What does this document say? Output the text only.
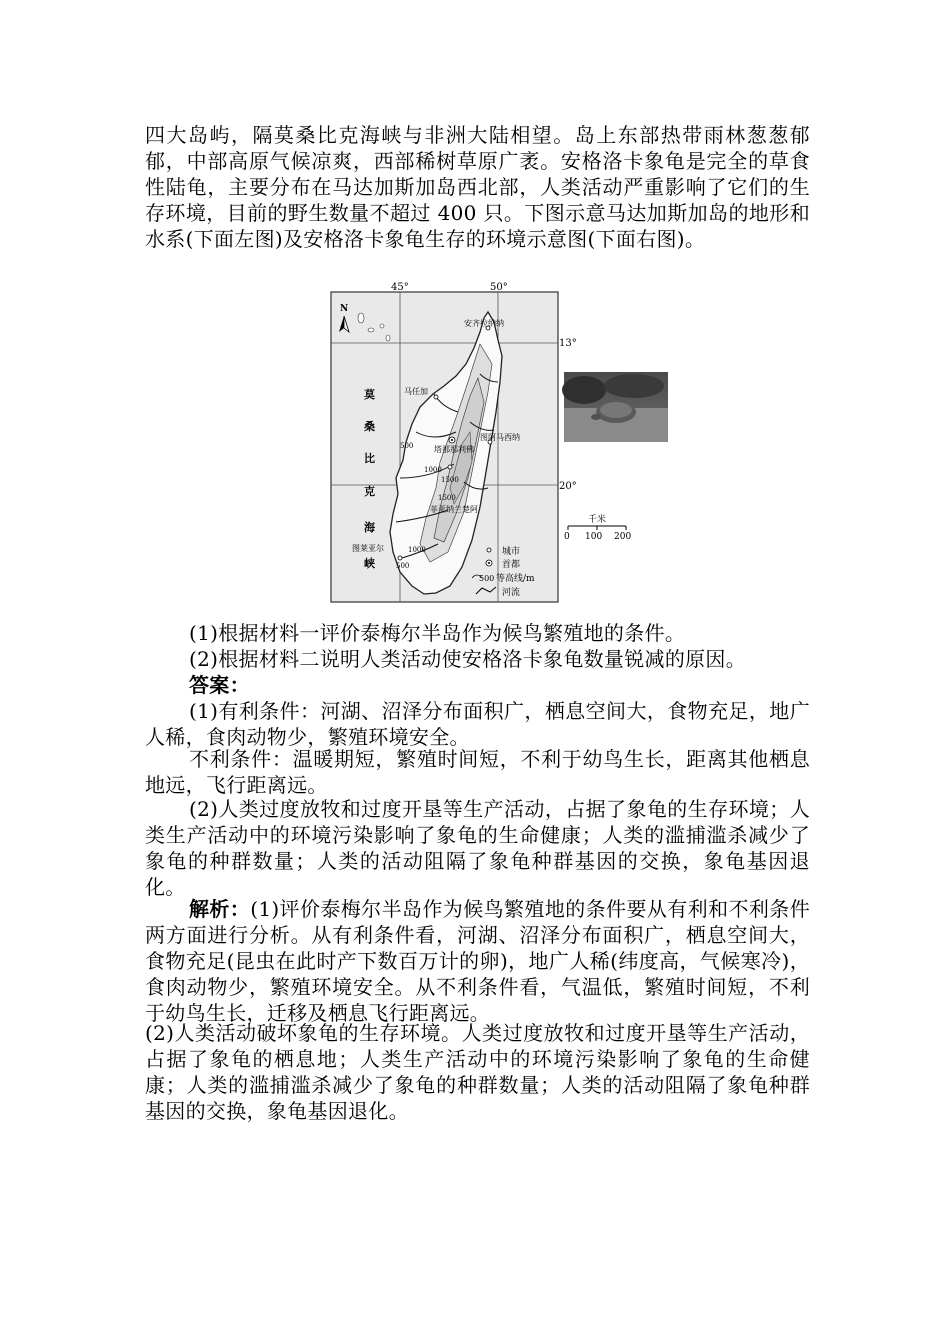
四大岛屿，隔莫桑比克海峡与非洲大陆相望。岛上东部热带雨林葱葱郁郁，中部高原气候凉爽，西部稀树草原广袤。安格洛卡象龟是完全的草食性陆龟，主要分布在马达加斯加岛西北部，人类活动严重影响了它们的生存环境，目前的野生数量不超过 400 只。下图示意马达加斯加岛的地形和水系(下面左图)及安格洛卡象龟生存的环境示意图(下面右图)。

45°	50°
13°
20°
N
安齐拉纳纳
马任加
图阿马西纳
塔那那利佛
菲亚纳兰楚阿
图莱亚尔
500
1000
1500
1500
1000
500
莫
桑
比
克
海
峡
城市
首都
500 等高线/m
河流
千米
0 100 200

(1)根据材料一评价泰梅尔半岛作为候鸟繁殖地的条件。

(2)根据材料二说明人类活动使安格洛卡象龟数量锐减的原因。

答案：

(1)有利条件：河湖、沼泽分布面积广，栖息空间大，食物充足，地广人稀，食肉动物少，繁殖环境安全。

不利条件：温暖期短，繁殖时间短，不利于幼鸟生长，距离其他栖息地远，飞行距离远。

(2)人类过度放牧和过度开垦等生产活动，占据了象龟的生存环境；人类生产活动中的环境污染影响了象龟的生命健康；人类的滥捕滥杀减少了象龟的种群数量；人类的活动阻隔了象龟种群基因的交换，象龟基因退化。

解析：(1)评价泰梅尔半岛作为候鸟繁殖地的条件要从有利和不利条件两方面进行分析。从有利条件看，河湖、沼泽分布面积广，栖息空间大，食物充足(昆虫在此时产下数百万计的卵)，地广人稀(纬度高，气候寒冷)，食肉动物少，繁殖环境安全。从不利条件看，气温低，繁殖时间短，不利于幼鸟生长，迁移及栖息飞行距离远。

(2)人类活动破坏象龟的生存环境。人类过度放牧和过度开垦等生产活动，占据了象龟的栖息地；人类生产活动中的环境污染影响了象龟的生命健康；人类的滥捕滥杀减少了象龟的种群数量；人类的活动阻隔了象龟种群基因的交换，象龟基因退化。
